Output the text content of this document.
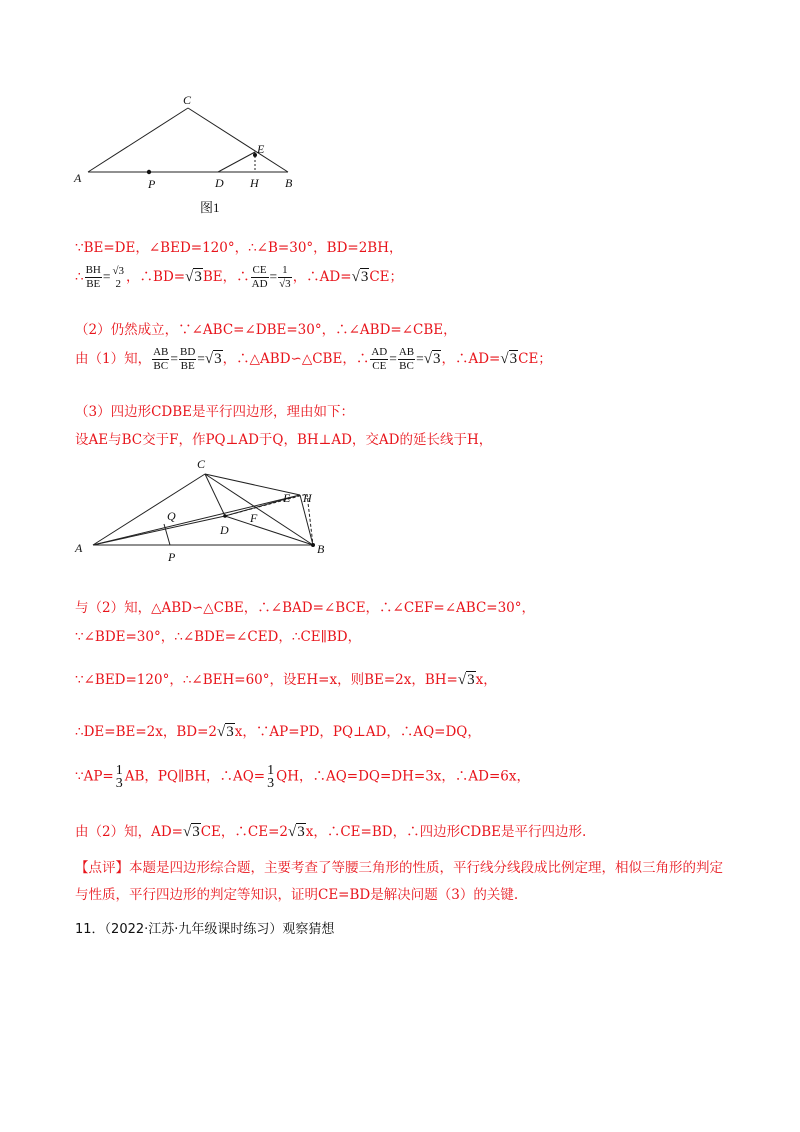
A
C
E
P	D H B
图1
∵BE=DE，∠BED=120°，∴∠B=30°，BD=2BH，
∴ $\frac{BH}{BE} = √3$
2 ，∴BD=√3BE，∴ $\frac{CE}{AD} = \frac{1}{√3}$ ，∴AD=√3CE；
（2）仍然成立，∵∠ABC=∠DBE=30°，∴∠ABD=∠CBE，
由（1）知， $\frac{AB}{BC} = \frac{BD}{BE} =√3$，∴△ABD∽△CBE，∴ $\frac{AD}{CE} = \frac{AB}{BC} =√3$，∴AD=√3CE；
（3）四边形CDBE是平行四边形，理由如下：
设AE与BC交于F，作PQ⊥AD于Q，BH⊥AD，交AD的延长线于H，
C
E H
Q	F
D
A
P
B
与（2）知，△ABD∽△CBE，∴∠BAD=∠BCE，∴∠CEF=∠ABC=30°，
∵∠BDE=30°，∴∠BDE=∠CED，∴CE∥BD，
∵∠BED=120°，∴∠BEH=60°，设EH=x，则BE=2x，BH=√3x，
∴DE=BE=2x，BD=2√3x，∵AP=PD，PQ⊥AD，∴AQ=DQ，
∵AP= 1
3 AB，PQ∥BH，∴AQ= 1
3 QH，∴AQ=DQ=DH=3x，∴AD=6x，
由（2）知，AD=√3CE，∴CE=2√3x，∴CE=BD，∴四边形CDBE是平行四边形.
【点评】本题是四边形综合题，主要考查了等腰三角形的性质，平行线分线段成比例定理，相似三角形的判定与性质，平行四边形的判定等知识，证明CE=BD是解决问题（3）的关键.
11．（2022·江苏·九年级课时练习）观察猜想
